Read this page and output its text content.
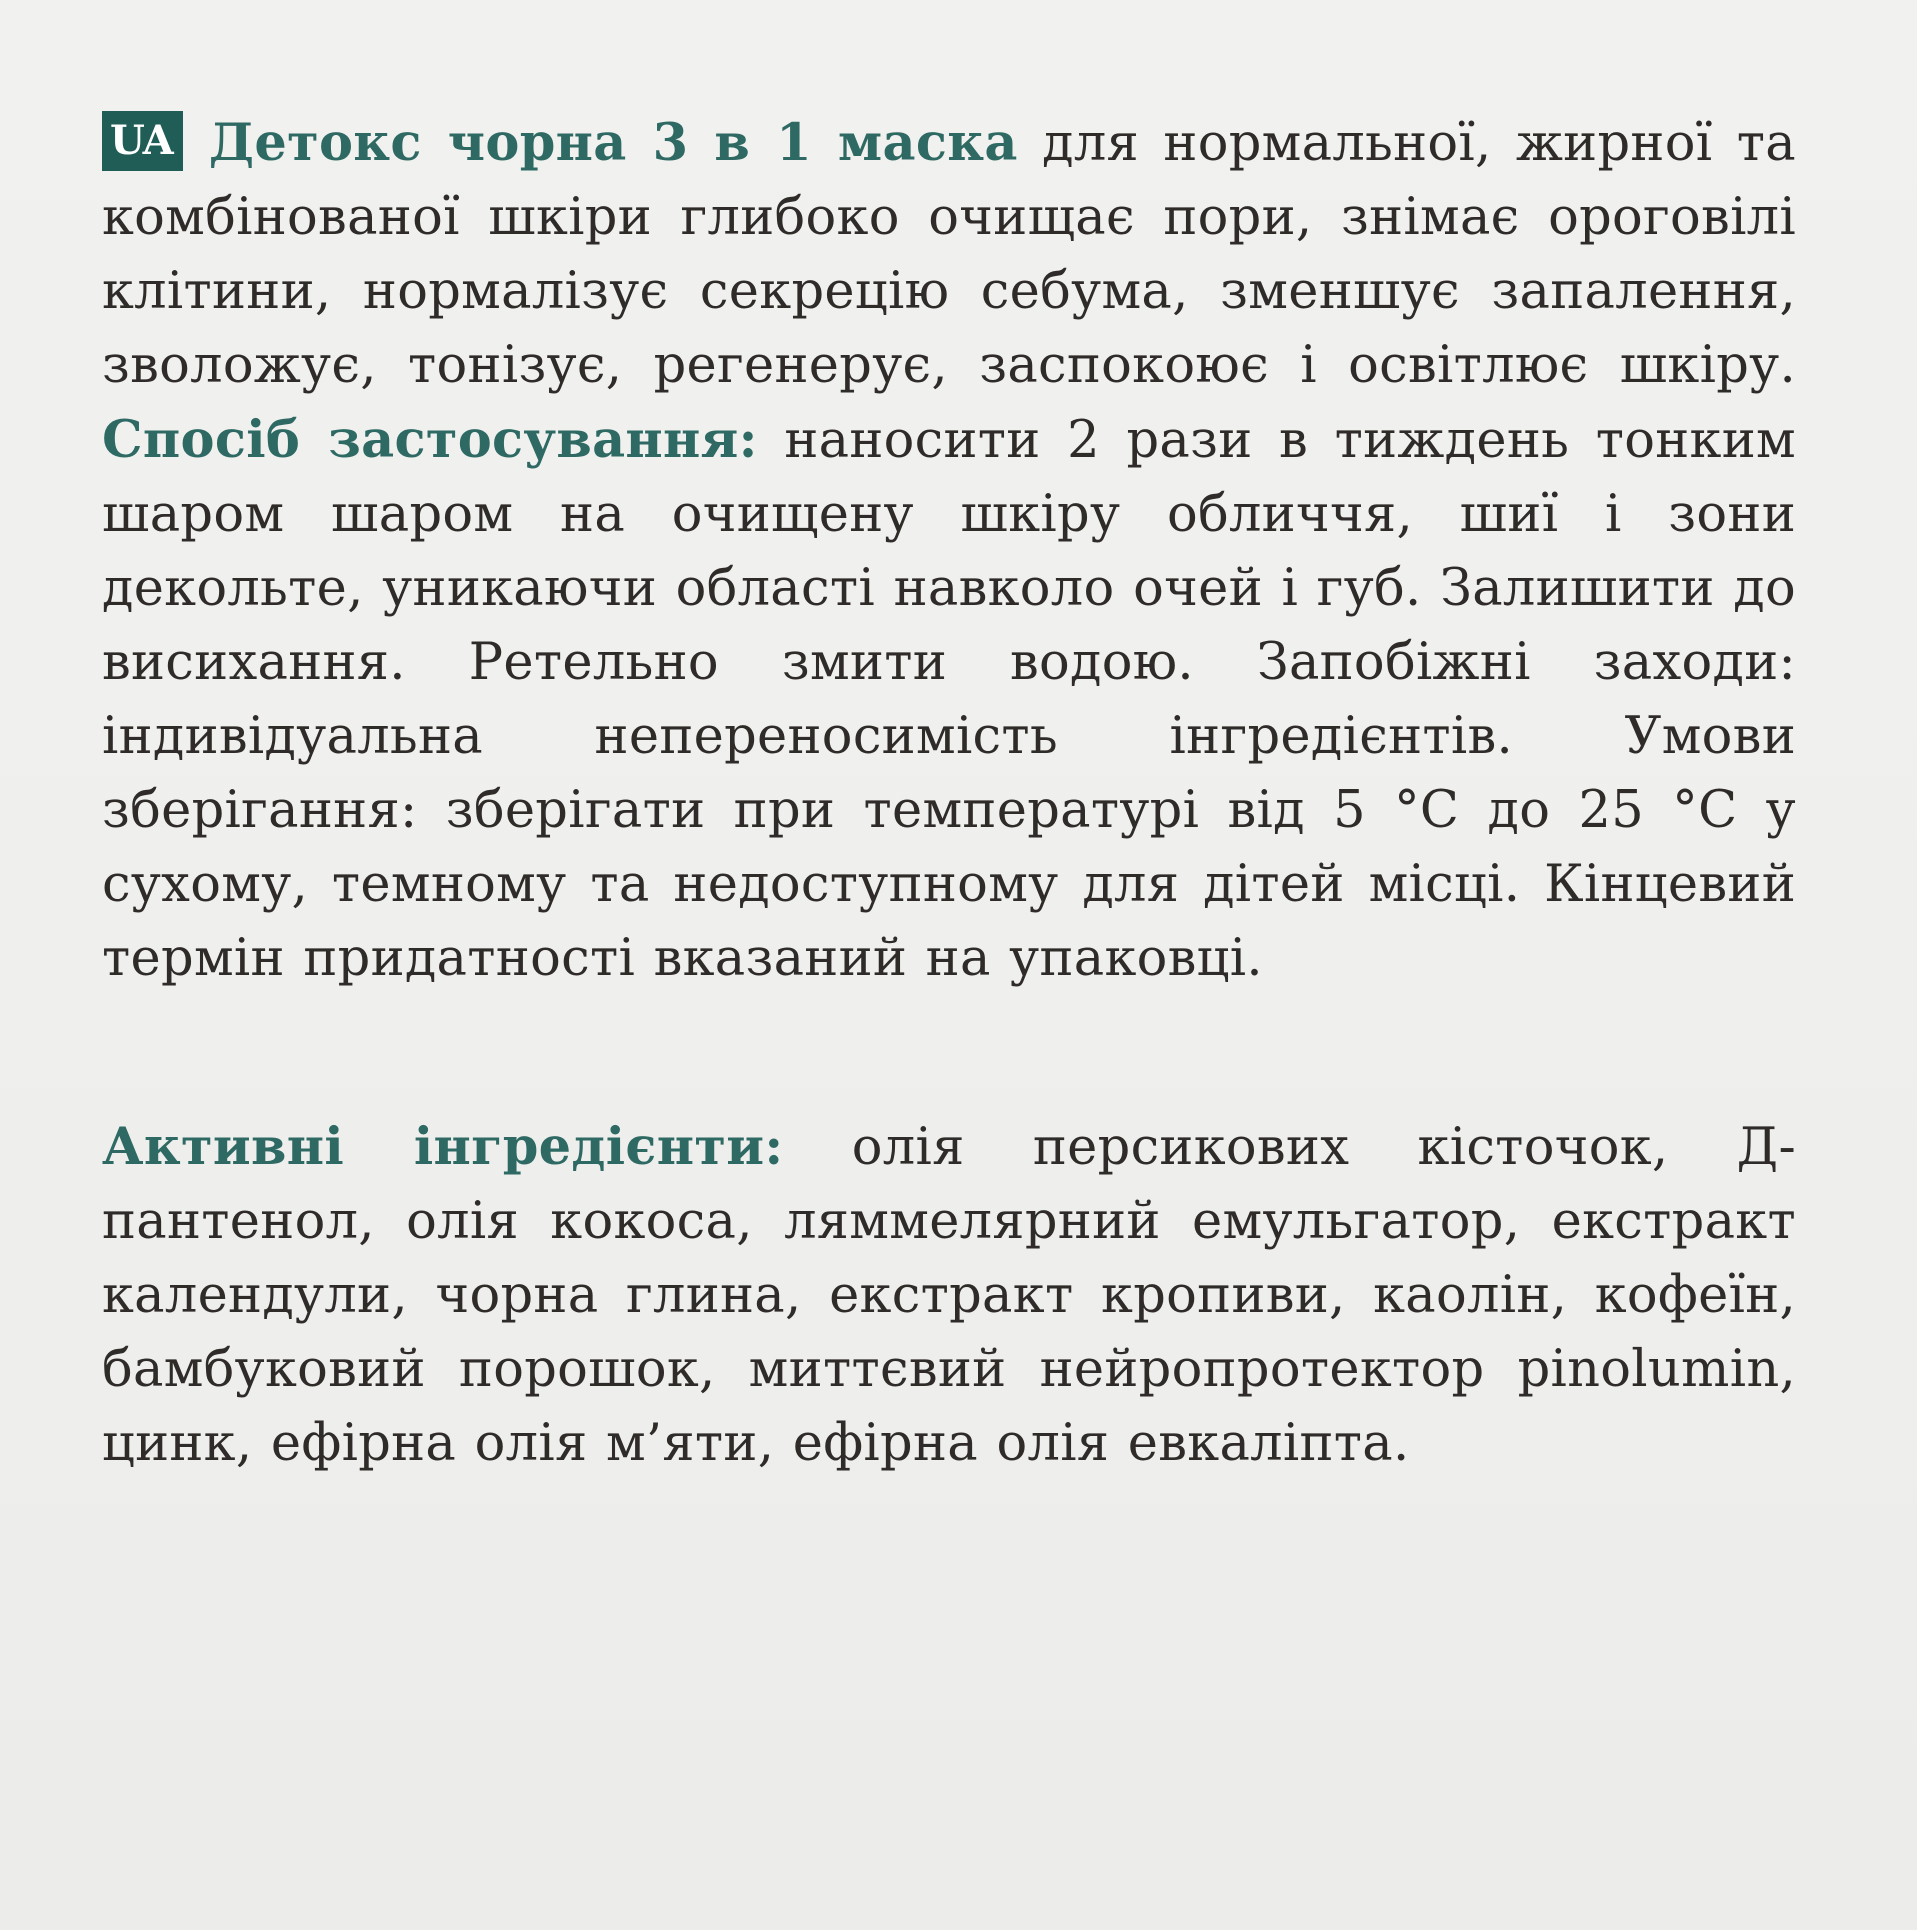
UA Детокс чорна 3 в 1 маска для нормальної, жирної та комбінованої шкіри глибоко очищає пори, знімає ороговілі клітини, нормалізує секрецію себума, зменшує запалення, зволожує, тонізує, регенерує, заспокоює і освітлює шкіру. Спосіб застосування: наносити 2 рази в тиждень тонким шаром шаром на очищену шкіру обличчя, шиї і зони декольте, уникаючи області навколо очей і губ. Залишити до висихання. Ретельно змити водою. Запобіжні заходи: індивідуальна непереносимість інгредієнтів. Умови зберігання: зберігати при температурі від 5 °С до 25 °С у сухому, темному та недоступному для дітей місці. Кінцевий термін придатності вказаний на упаковці.

Активні інгредієнти: олія персикових кісточок, Д-пантенол, олія кокоса, ляммелярний емульгатор, екстракт календули, чорна глина, екстракт кропиви, каолін, кофеїн, бамбуковий порошок, миттєвий нейропротектор pinolumin, цинк, ефірна олія м’яти, ефірна олія евкаліпта.
